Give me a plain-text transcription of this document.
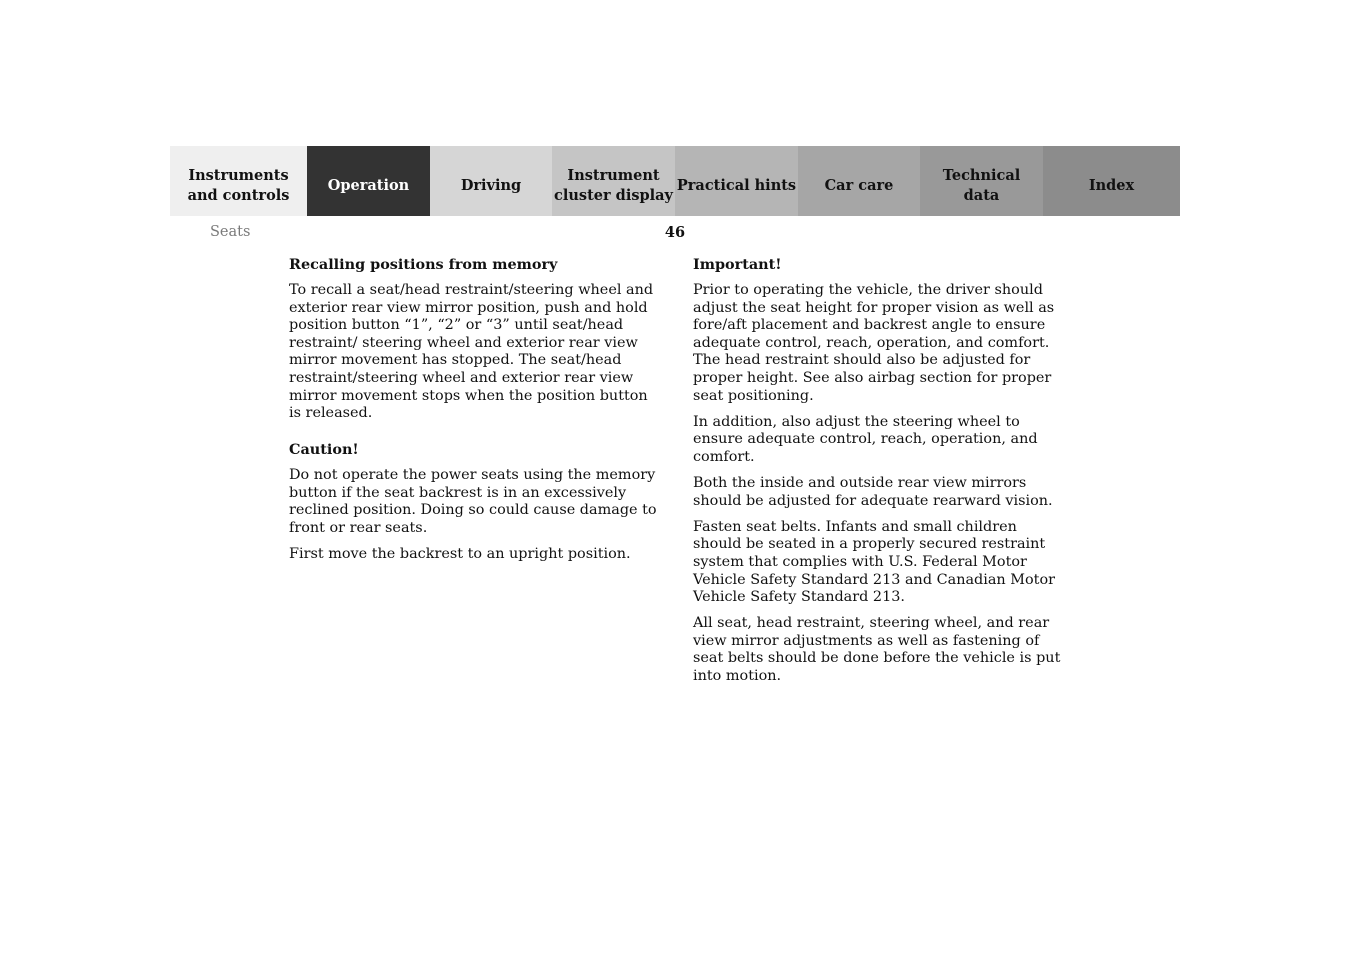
Instruments
and controls
Operation	Driving
Instrument
cluster display
Practical hints	Car care
Technical
data
Index
Seats	46
Recalling positions from memory

To recall a seat/head restraint/steering wheel and exterior rear view mirror position, push and hold position button “1”, “2” or “3” until seat/head restraint/ steering wheel and exterior rear view mirror movement has stopped. The seat/head restraint/steering wheel and exterior rear view mirror movement stops when the position button is released.

Caution!

Do not operate the power seats using the memory button if the seat backrest is in an excessively reclined position. Doing so could cause damage to front or rear seats.

First move the backrest to an upright position.

Important!

Prior to operating the vehicle, the driver should adjust the seat height for proper vision as well as fore/aft placement and backrest angle to ensure adequate control, reach, operation, and comfort. The head restraint should also be adjusted for proper height. See also airbag section for proper seat positioning.

In addition, also adjust the steering wheel to ensure adequate control, reach, operation, and comfort.

Both the inside and outside rear view mirrors should be adjusted for adequate rearward vision.

Fasten seat belts. Infants and small children should be seated in a properly secured restraint system that complies with U.S. Federal Motor Vehicle Safety Standard 213 and Canadian Motor Vehicle Safety Standard 213.

All seat, head restraint, steering wheel, and rear view mirror adjustments as well as fastening of seat belts should be done before the vehicle is put into motion.
